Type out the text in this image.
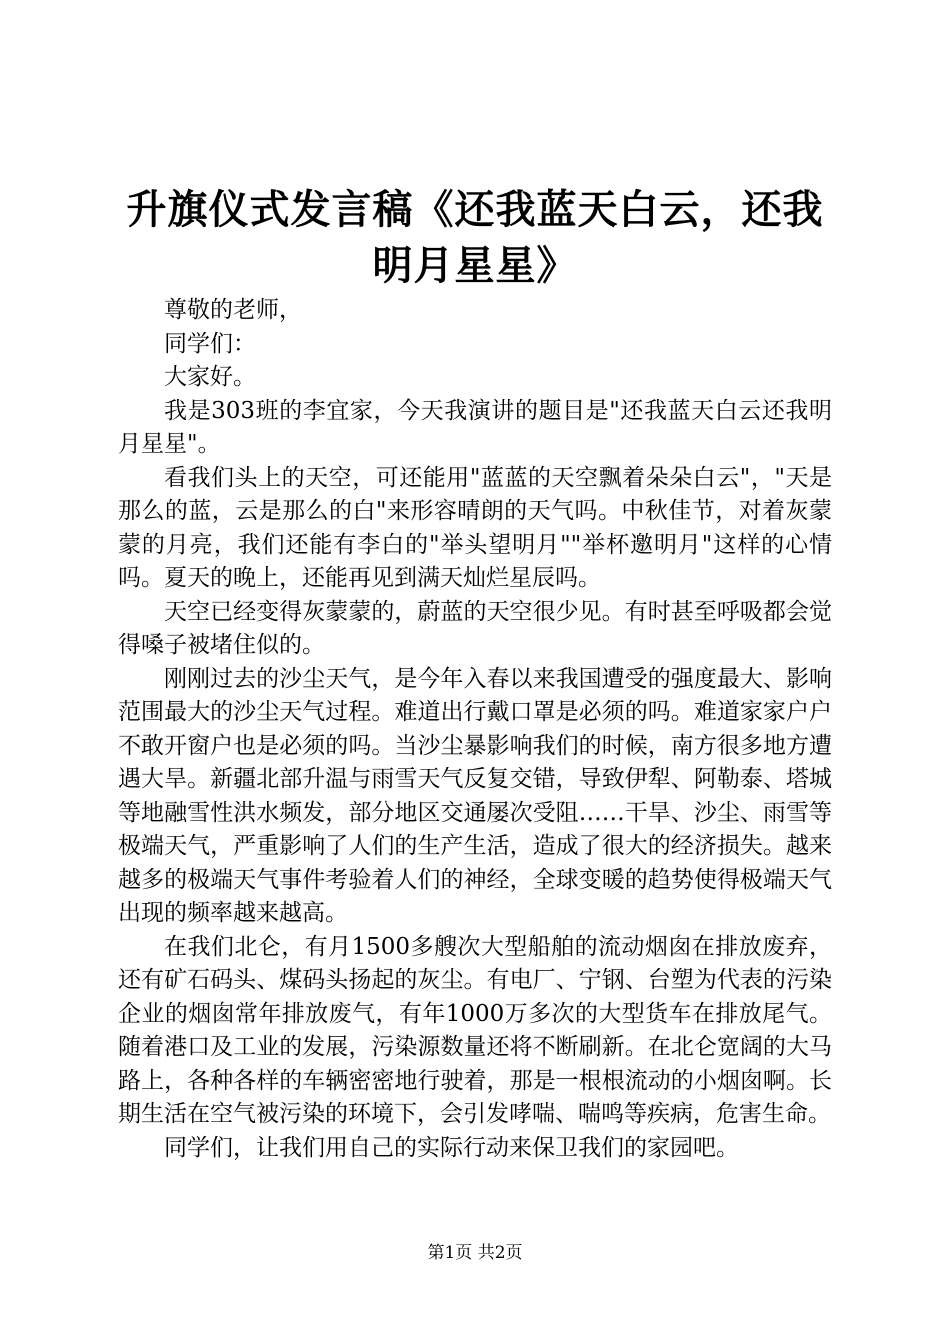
升旗仪式发言稿《还我蓝天白云，还我明月星星》

尊敬的老师，

同学们：

大家好。

我是303班的李宜家，今天我演讲的题目是"还我蓝天白云还我明月星星"。

看我们头上的天空，可还能用"蓝蓝的天空飘着朵朵白云"，"天是那么的蓝，云是那么的白"来形容晴朗的天气吗。中秋佳节，对着灰蒙蒙的月亮，我们还能有李白的"举头望明月""举杯邀明月"这样的心情吗。夏天的晚上，还能再见到满天灿烂星辰吗。

天空已经变得灰蒙蒙的，蔚蓝的天空很少见。有时甚至呼吸都会觉得嗓子被堵住似的。

刚刚过去的沙尘天气，是今年入春以来我国遭受的强度最大、影响范围最大的沙尘天气过程。难道出行戴口罩是必须的吗。难道家家户户不敢开窗户也是必须的吗。当沙尘暴影响我们的时候，南方很多地方遭遇大旱。新疆北部升温与雨雪天气反复交错，导致伊犁、阿勒泰、塔城等地融雪性洪水频发，部分地区交通屡次受阻……干旱、沙尘、雨雪等极端天气，严重影响了人们的生产生活，造成了很大的经济损失。越来越多的极端天气事件考验着人们的神经，全球变暖的趋势使得极端天气出现的频率越来越高。

在我们北仑，有月1500多艘次大型船舶的流动烟囱在排放废弃，还有矿石码头、煤码头扬起的灰尘。有电厂、宁钢、台塑为代表的污染企业的烟囱常年排放废气，有年1000万多次的大型货车在排放尾气。随着港口及工业的发展，污染源数量还将不断刷新。在北仑宽阔的大马路上，各种各样的车辆密密地行驶着，那是一根根流动的小烟囱啊。长期生活在空气被污染的环境下，会引发哮喘、喘鸣等疾病，危害生命。

同学们，让我们用自己的实际行动来保卫我们的家园吧。

第1页 共2页
